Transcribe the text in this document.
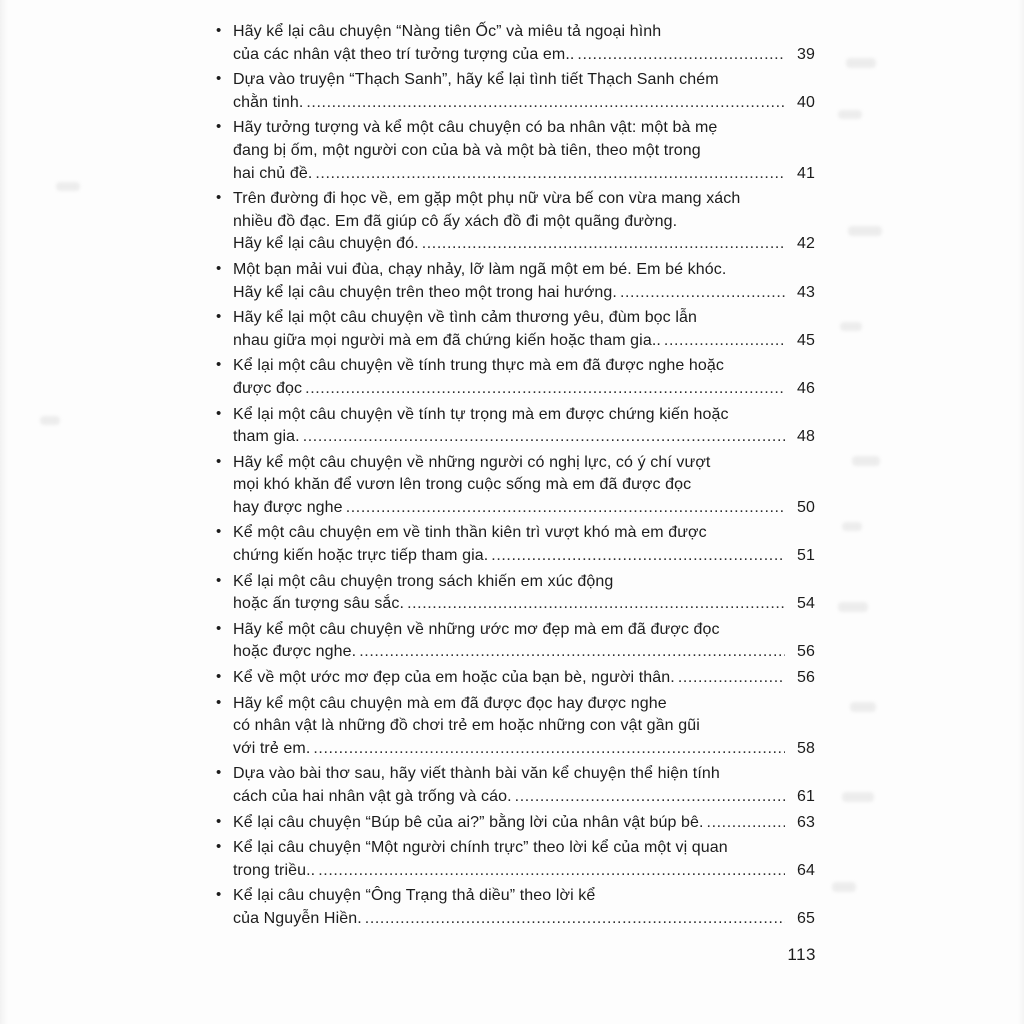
• Hãy kể lại câu chuyện “Nàng tiên Ốc” và miêu tả ngoại hình
của các nhân vật theo trí tưởng tượng của em.. .....	39
• Dựa vào truyện “Thạch Sanh”, hãy kể lại tình tiết Thạch Sanh chém
chằn tinh. .....	40
• Hãy tưởng tượng và kể một câu chuyện có ba nhân vật: một bà mẹ
đang bị ốm, một người con của bà và một bà tiên, theo một trong
hai chủ đề. .....	41
• Trên đường đi học về, em gặp một phụ nữ vừa bế con vừa mang xách
nhiều đồ đạc. Em đã giúp cô ấy xách đồ đi một quãng đường.
Hãy kể lại câu chuyện đó. .....	42
• Một bạn mải vui đùa, chạy nhảy, lỡ làm ngã một em bé. Em bé khóc.
Hãy kể lại câu chuyện trên theo một trong hai hướng. .....	43
• Hãy kể lại một câu chuyện về tình cảm thương yêu, đùm bọc lẫn
nhau giữa mọi người mà em đã chứng kiến hoặc tham gia.. .....	45
• Kể lại một câu chuyện về tính trung thực mà em đã được nghe hoặc
được đọc .....	46
• Kể lại một câu chuyện về tính tự trọng mà em được chứng kiến hoặc
tham gia. .....	48
• Hãy kể một câu chuyện về những người có nghị lực, có ý chí vượt
mọi khó khăn để vươn lên trong cuộc sống mà em đã được đọc
hay được nghe .....	50
• Kể một câu chuyện em về tinh thần kiên trì vượt khó mà em được
chứng kiến hoặc trực tiếp tham gia. .....	51
• Kể lại một câu chuyện trong sách khiến em xúc động
hoặc ấn tượng sâu sắc. .....	54
• Hãy kể một câu chuyện về những ước mơ đẹp mà em đã được đọc
hoặc được nghe. .....	56
• Kể về một ước mơ đẹp của em hoặc của bạn bè, người thân. .....	56
• Hãy kể một câu chuyện mà em đã được đọc hay được nghe
có nhân vật là những đồ chơi trẻ em hoặc những con vật gần gũi
với trẻ em. .....	58
• Dựa vào bài thơ sau, hãy viết thành bài văn kể chuyện thể hiện tính
cách của hai nhân vật gà trống và cáo. .....	61
• Kể lại câu chuyện “Búp bê của ai?” bằng lời của nhân vật búp bê. .....	63
• Kể lại câu chuyện “Một người chính trực” theo lời kể của một vị quan
trong triều.. .....	64
• Kể lại câu chuyện “Ông Trạng thả diều” theo lời kể
của Nguyễn Hiền. .....	65
113
